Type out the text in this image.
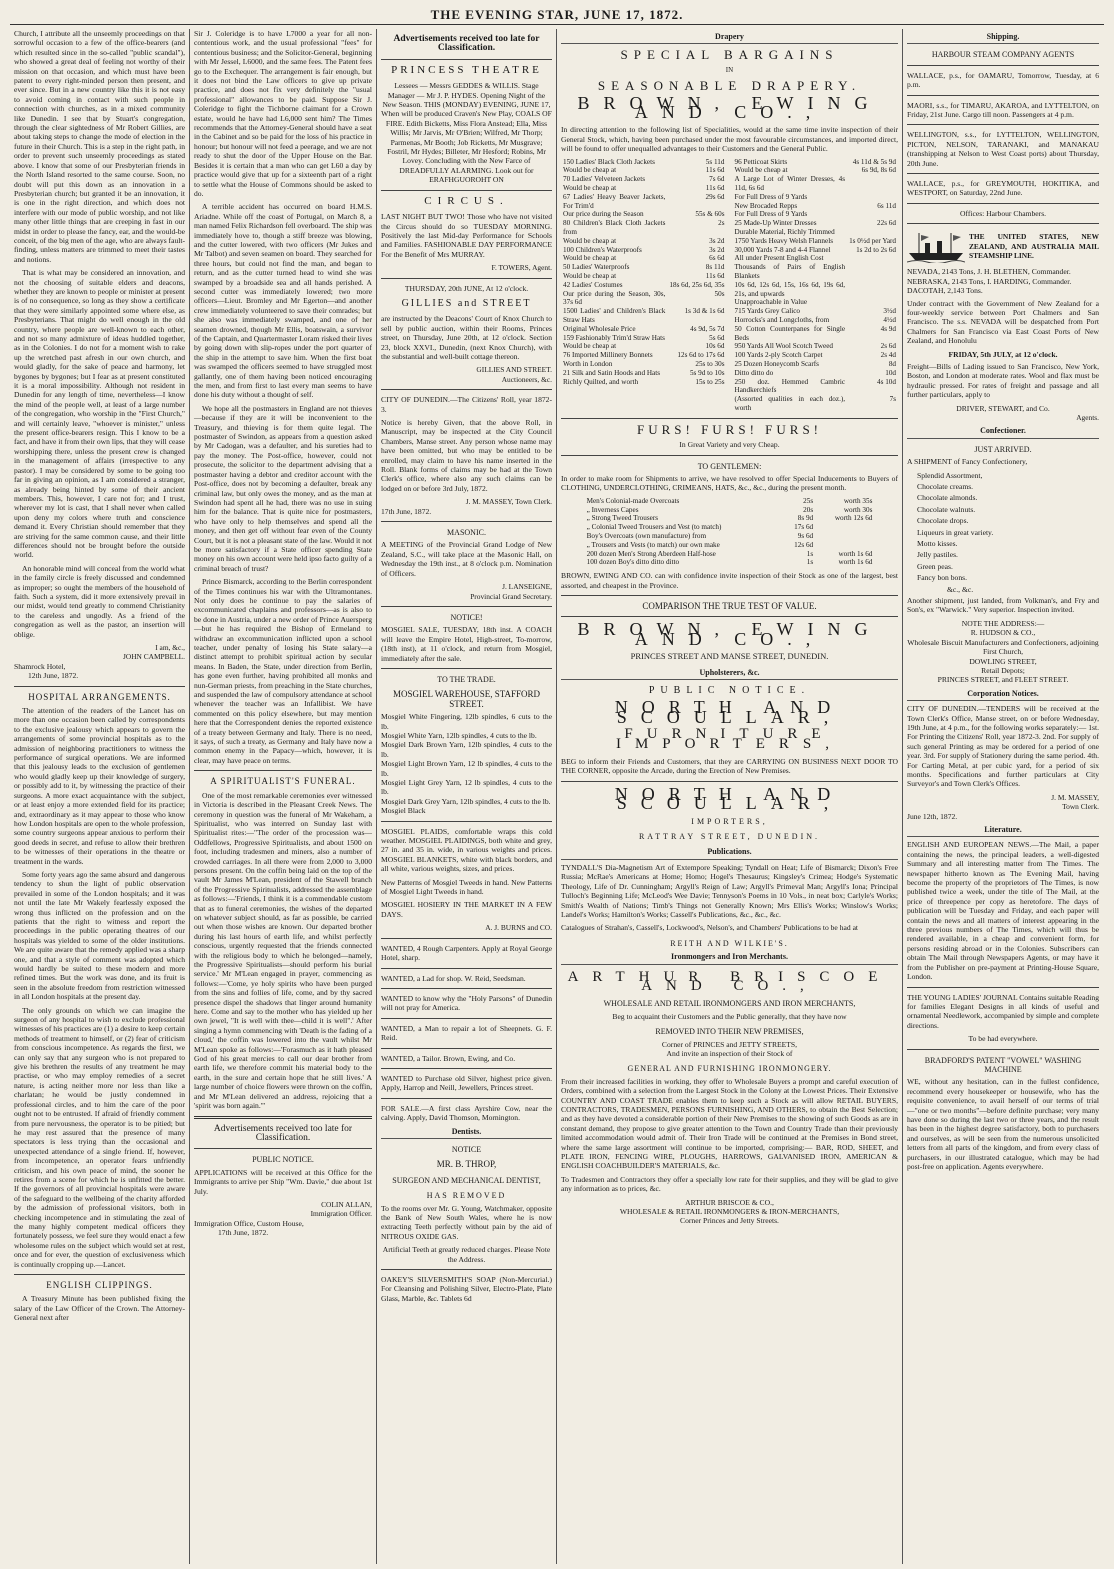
THE EVENING STAR, JUNE 17, 1872.

Church, I attribute all the unseemly proceedings on that sorrowful occasion to a few of the office-bearers (and which resulted since in the so-called "public scandal"), who showed a great deal of feeling not worthy of their mission on that occasion, and which must have been patent to every right-minded person then present, and ever since. But in a new country like this it is not easy to avoid coming in contact with such people in connection with churches, as in a mixed community like Dunedin. I see that by Stuart's congregation, through the clear sightedness of Mr Robert Gillies, are about taking steps to change the mode of election in the future in their Church. This is a step in the right path, in order to prevent such unseemly proceedings as stated above. I know that some of our Presbyterian friends in the North Island resorted to the same course. Soon, no doubt will put this down as an innovation in a Presbyterian church; but granted it be an innovation, it is one in the right direction, and which does not interfere with our mode of public worship, and not like many other little things that are creeping in fast in our midst in order to please the fancy, ear, and the would-be conceit, of the big men of the age, who are always fault-finding, unless matters are trimmed to meet their tastes and notions.

That is what may be considered an innovation, and not the choosing of suitable elders and deacons, whether they are known to people or minister at present is of no consequence, so long as they show a certificate that they were similarly appointed some where else, as Presbyterians. That might do well enough in the old country, where people are well-known to each other, and not so many admixture of ideas huddled together, as in the Colonies. I do not for a moment wish to rake up the wretched past afresh in our own church, and would gladly, for the sake of peace and harmony, let bygones by bygones; but I fear as at present constituted it is a moral impossibility. Although not resident in Dunedin for any length of time, nevertheless—I know the mind of the people well, at least of a large number of the congregation, who worship in the "First Church," and will certainly leave, "whoever is minister," unless the present office-bearers resign. This I know to be a fact, and have it from their own lips, that they will cease worshipping there, unless the present crew is changed in the management of affairs (irrespective to any pastor). I may be considered by some to be going too far in giving an opinion, as I am considered a stranger, as already being hinted by some of their ancient members. This, however, I care not for; and I trust, wherever my lot is cast, that I shall never when called upon deny my colors where truth and conscience demand it. Every Christian should remember that they are striving for the same common cause, and their little differences should not be brought before the outside world.

An honorable mind will conceal from the world what in the family circle is freely discussed and condemned as improper; so ought the members of the household of faith. Such a system, did it more extensively prevail in our midst, would tend greatly to commend Christianity to the careless and ungodly. As a friend of the congregation as well as the pastor, an insertion will oblige.

I am, &c.,
JOHN CAMPBELL.
Shamrock Hotel,
12th June, 1872.
HOSPITAL ARRANGEMENTS.

The attention of the readers of the Lancet has on more than one occasion been called by correspondents to the exclusive jealousy which appears to govern the arrangements of some provincial hospitals as to the admission of neighboring practitioners to witness the performance of surgical operations. We are informed that this jealousy leads to the exclusion of gentlemen who would gladly keep up their knowledge of surgery, or possibly add to it, by witnessing the practice of their surgeons. A more exact acquaintance with the subject, or at least enjoy a more extended field for its practice; and, extraordinary as it may appear to those who know how London hospitals are open to the whole profession, some country surgeons appear anxious to perform their good deeds in secret, and refuse to allow their brethren to be witnesses of their operations in the theatre or treatment in the wards.

Some forty years ago the same absurd and dangerous tendency to shun the light of public observation prevailed in some of the London hospitals; and it was not until the late Mr Wakely fearlessly exposed the wrong thus inflicted on the profession and on the patients that the right to witness and report the proceedings in the public operating theatres of our hospitals was yielded to some of the older institutions. We are quite aware that the remedy applied was a sharp one, and that a style of comment was adopted which would hardly be suited to these modern and more refined times. But the work was done, and its fruit is seen in the absolute freedom from restriction witnessed in all London hospitals at the present day.

The only grounds on which we can imagine the surgeon of any hospital to wish to exclude professional witnesses of his practices are (1) a desire to keep certain methods of treatment to himself, or (2) fear of criticism from conscious incompetence. As regards the first, we can only say that any surgeon who is not prepared to give his brethren the results of any treatment he may practise, or who may employ remedies of a secret nature, is acting neither more nor less than like a charlatan; he would be justly condemned in professional circles, and to him the care of the poor ought not to be entrusted. If afraid of friendly comment from pure nervousness, the operator is to be pitied; but he may rest assured that the presence of many spectators is less trying than the occasional and unexpected attendance of a single friend. If, however, from incompetence, an operator fears unfriendly criticism, and his own peace of mind, the sooner he retires from a scene for which he is unfitted the better. If the governors of all provincial hospitals were aware of the safeguard to the wellbeing of the charity afforded by the admission of professional visitors, both in checking incompetence and in stimulating the zeal of the many highly competent medical officers they fortunately possess, we feel sure they would enact a few wholesome rules on the subject which would set at rest, once and for ever, the question of exclusiveness which is continually cropping up.—Lancet.

ENGLISH CLIPPINGS.

A Treasury Minute has been published fixing the salary of the Law Officer of the Crown. The Attorney-General next after

Sir J. Coleridge is to have L7000 a year for all non-contentious work, and the usual professional "fees" for contentious business; and the Solicitor-General, beginning with Mr Jessel, L6000, and the same fees. The Patent fees go to the Exchequer. The arrangement is fair enough, but it does not bind the Law officers to give up private practice, and does not fix very definitely the "usual professional" allowances to be paid. Suppose Sir J. Coleridge to fight the Tichborne claimant for a Crown estate, would he have had L6,000 sent him? The Times recommends that the Attorney-General should have a seat in the Cabinet and so be paid for the loss of his practice in honour; but honour will not feed a peerage, and we are not ready to shut the door of the Upper House on the Bar. Besides it is certain that a man who can get L60 a day by practice would give that up for a sixteenth part of a right to settle what the House of Commons should be asked to do.

A terrible accident has occurred on board H.M.S. Ariadne. While off the coast of Portugal, on March 8, a man named Felix Richardson fell overboard. The ship was immediately hove to, though a stiff breeze was blowing, and the cutter lowered, with two officers (Mr Jukes and Mr Talbot) and seven seamen on board. They searched for three hours, but could not find the man, and began to return, and as the cutter turned head to wind she was swamped by a broadside sea and all hands perished. A second cutter was immediately lowered; two more officers—Lieut. Bromley and Mr Egerton—and another crew immediately volunteered to save their comrades; but she also was immediately swamped, and one of her seamen drowned, though Mr Ellis, boatswain, a survivor of the Captain, and Quartermaster Loram risked their lives by going down with slip-ropes under the port quarter of the ship in the attempt to save him. When the first boat was swamped the officers seemed to have struggled most gallantly, one of them having been noticed encouraging the men, and from first to last every man seems to have done his duty without a thought of self.

We hope all the postmasters in England are not thieves—because if they are it will be inconvenient to the Treasury, and thieving is for them quite legal. The postmaster of Swindon, as appears from a question asked by Mr Cadogan, was a defaulter, and his sureties had to pay the money. The Post-office, however, could not prosecute, the solicitor to the department advising that a postmaster having a debtor and creditor account with the Post-office, does not by becoming a defaulter, break any criminal law, but only owes the money, and as the man at Swindon had spent all he had, there was no use in suing him for the balance. That is quite nice for postmasters, who have only to help themselves and spend all the money, and then get off without fear even of the County Court, but it is not a pleasant state of the law. Would it not be more satisfactory if a State officer spending State money on his own account were held ipso facto guilty of a criminal breach of trust?

Prince Bismarck, according to the Berlin correspondent of the Times continues his war with the Ultramontanes. Not only does he continue to pay the salaries of excommunicated chaplains and professors—as is also to be done in Austria, under a new order of Prince Auersperg—but he has required the Bishop of Ermeland to withdraw an excommunication inflicted upon a school teacher, under penalty of losing his State salary—a distinct attempt to prohibit spiritual action by secular means. In Baden, the State, under direction from Berlin, has gone even further, having prohibited all monks and nun-German priests, from preaching in the State churches, and suspended the law of compulsory attendance at school whenever the teacher was an Infallibist. We have commented on this policy elsewhere, but may mention here that the Correspondent denies the reported existence of a treaty between Germany and Italy. There is no need, it says, of such a treaty, as Germany and Italy have now a common enemy in the Papacy—which, however, it is clear, may have peace on terms.

A SPIRITUALIST'S FUNERAL.

One of the most remarkable ceremonies ever witnessed in Victoria is described in the Pleasant Creek News. The ceremony in question was the funeral of Mr Wakeham, a Spiritualist, who was interred on Sunday last with Spiritualist rites:—"The order of the procession was—Oddfellows, Progressive Spiritualists, and about 1500 on foot, including tradesmen and miners, also a number of crowded carriages. In all there were from 2,000 to 3,000 persons present. On the coffin being laid on the top of the vault Mr James M'Lean, president of the Stawell branch of the Progressive Spiritualists, addressed the assemblage as follows:—'Friends, I think it is a commendable custom that as to funeral ceremonies, the wishes of the departed on whatever subject should, as far as possible, be carried out when those wishes are known. Our departed brother during his last hours of earth life, and whilst perfectly conscious, urgently requested that the friends connected with the religious body to which he belonged—namely, the Progressive Spiritualists—should perform his burial service.' Mr M'Lean engaged in prayer, commencing as follows:—'Come, ye holy spirits who have been purged from the sins and follies of life, come, and by thy sacred presence dispel the shadows that linger around humanity here. Come and say to the mother who has yielded up her own jewel, "It is well with thee—child it is well".' After singing a hymn commencing with 'Death is the fading of a cloud,' the coffin was lowered into the vault whilst Mr M'Lean spoke as follows:—'Forasmuch as it hath pleased God of his great mercies to call our dear brother from earth life, we therefore commit his material body to the earth, in the sure and certain hope that he still lives.' A large number of choice flowers were thrown on the coffin, and Mr M'Lean delivered an address, rejoicing that a 'spirit was born again.'"

Advertisements received too late for Classification.
PUBLIC NOTICE.

APPLICATIONS will be received at this Office for the Immigrants to arrive per Ship "Wm. Davie," due about 1st July.

COLIN ALLAN,
Immigration Officer.
Immigration Office, Custom House,
17th June, 1872.
Advertisements received too late for Classification.
PRINCESS THEATRE

Lessees — Messrs GEDDES & WILLIS. Stage Manager — Mr J. P. HYDES. Opening Night of the New Season. THIS (MONDAY) EVENING, JUNE 17, When will be produced Craven's New Play, COALS OF FIRE. Edith Bicketts, Miss Flora Anstead; Ella, Miss Willis; Mr Jarvis, Mr O'Brien; Wilfred, Mr Thorp; Parmenas, Mr Booth; Job Ricketts, Mr Musgrave; Fostril, Mr Hydes; Billeter, Mr Hesford; Robins, Mr Lovey. Concluding with the New Farce of DREADFULLY ALARMING. Look out for ERAFHGUOROHT ON

CIRCUS.

LAST NIGHT BUT TWO! Those who have not visited the Circus should do so TUESDAY MORNING. Positively the last Mid-day Performance for Schools and Families. FASHIONABLE DAY PERFORMANCE For the Benefit of Mrs MURRAY.

F. TOWERS, Agent.

THURSDAY, 20th JUNE, At 12 o'clock.

GILLIES and STREET

are instructed by the Deacons' Court of Knox Church to sell by public auction, within their Rooms, Princes street, on Thursday, June 20th, at 12 o'clock. Section 23, block XXVI., Dunedin, (next Knox Church), with the substantial and well-built cottage thereon.

GILLIES AND STREET.
Auctioneers, &c.

CITY OF DUNEDIN.—The Citizens' Roll, year 1872-3.

Notice is hereby Given, that the above Roll, in Manuscript, may be inspected at the City Council Chambers, Manse street. Any person whose name may have been omitted, but who may be entitled to be enrolled, may claim to have his name inserted in the Roll. Blank forms of claims may be had at the Town Clerk's office, where also any such claims can be lodged on or before 3rd July, 1872.

J. M. MASSEY, Town Clerk.
17th June, 1872.
MASONIC.

A MEETING of the Provincial Grand Lodge of New Zealand, S.C., will take place at the Masonic Hall, on Wednesday the 19th inst., at 8 o'clock p.m. Nomination of Officers.

J. LANSEIGNE,
Provincial Grand Secretary.
NOTICE!

MOSGIEL SALE, TUESDAY, 18th inst. A COACH will leave the Empire Hotel, High-street, To-morrow, (18th inst), at 11 o'clock, and return from Mosgiel, immediately after the sale.

TO THE TRADE.
MOSGIEL WAREHOUSE, STAFFORD STREET.
Mosgiel White Fingering, 12lb spindles, 6 cuts to the lb.
Mosgiel White Yarn, 12lb spindles, 4 cuts to the lb.
Mosgiel Dark Brown Yarn, 12lb spindles, 4 cuts to the lb.
Mosgiel Light Brown Yarn, 12 lb spindles, 4 cuts to the lb.
Mosgiel Light Grey Yarn, 12 lb spindles, 4 cuts to the lb.
Mosgiel Dark Grey Yarn, 12lb spindles, 4 cuts to the lb.
Mosgiel Black

MOSGIEL PLAIDS, comfortable wraps this cold weather. MOSGIEL PLAIDINGS, both white and grey, 27 in. and 35 in. wide, in various weights and prices. MOSGIEL BLANKETS, white with black borders, and all white, various weights, sizes, and prices.

New Patterns of Mosgiel Tweeds in hand. New Patterns of Mosgiel Light Tweeds in hand.

MOSGIEL HOSIERY IN THE MARKET IN A FEW DAYS.

A. J. BURNS and CO.

WANTED, 4 Rough Carpenters. Apply at Royal George Hotel, sharp.

WANTED, a Lad for shop. W. Reid, Seedsman.

WANTED to know why the "Holy Parsons" of Dunedin will not pray for America.

WANTED, a Man to repair a lot of Sheepnets. G. F. Reid.

WANTED, a Tailor. Brown, Ewing, and Co.

WANTED to Purchase old Silver, highest price given. Apply, Harrop and Neill, Jewellers, Princes street.

FOR SALE.—A first class Ayrshire Cow, near the calving. Apply, David Thomson, Mornington.

Dentists.
NOTICE
MR. B. THROP,
SURGEON AND MECHANICAL DENTIST,
HAS REMOVED

To the rooms over Mr. G. Young, Watchmaker, opposite the Bank of New South Wales, where he is now extracting Teeth perfectly without pain by the aid of NITROUS OXIDE GAS.

Artificial Teeth at greatly reduced charges. Please Note the Address.

OAKEY'S SILVERSMITH'S SOAP (Non-Mercurial.) For Cleansing and Polishing Silver, Electro-Plate, Plate Glass, Marble, &c. Tablets 6d

Drapery
SPECIAL BARGAINS
IN
SEASONABLE DRAPERY.
BROWN, EWING AND CO.,

In directing attention to the following list of Specialities, would at the same time invite inspection of their General Stock, which, having been purchased under the most favourable circumstances, and imported direct, will be found to offer unequalled advantages to their Customers and the General Public.

150 Ladies' Black Cloth Jackets	5s 11d
Would be cheap at	11s 6d
70 Ladies' Velveteen Jackets	7s 6d
Would be cheap at	11s 6d
67 Ladies' Heavy Beaver Jackets, For Trim'd	29s 6d
Our price during the Season	55s & 60s
80 Children's Black Cloth Jackets from	2s
Would be cheap at	3s 2d
100 Children's Waterproofs	3s 2d
Would be cheap at	6s 6d
50 Ladies' Waterproofs	8s 11d
Would be cheap at	11s 6d
42 Ladies' Costumes	18s 6d, 25s 6d, 35s
Our price during the Season, 30s, 37s 6d	50s
1500 Ladies' and Children's Black Straw Hats	1s 3d & 1s 6d
Original Wholesale Price	4s 9d, 5s 7d
159 Fashionably Trim'd Straw Hats	5s 6d
Would be cheap at	10s 6d
76 Imported Millinery Bonnets	12s 6d to 17s 6d
Worth in London	25s to 30s
21 Silk and Satin Hoods and Hats	5s 9d to 10s
Richly Quilted, and worth	15s to 25s
96 Petticoat Skirts	4s 11d & 5s 9d
Would be cheap at	6s 9d, 8s 6d
A Large Lot of Winter Dresses, 4s 11d, 6s 6d	
For Full Dress of 9 Yards	
New Brocaded Repps	6s 11d
For Full Dress of 9 Yards	
25 Made-Up Winter Dresses	22s 6d
Durable Material, Richly Trimmed	
1750 Yards Heavy Welsh Flannels	1s 0½d per Yard
30,000 Yards 7-8 and 4-4 Flannel	1s 2d to 2s 6d
All under Present English Cost	
Thousands of Pairs of English Blankets	
10s 6d, 12s 6d, 15s, 16s 6d, 19s 6d, 21s, and upwards	
Unapproachable in Value	
715 Yards Grey Calico	3½d
Horrocks's and Longcloths, from	4½d
50 Cotton Counterpanes for Single Beds	4s 9d
950 Yards All Wool Scotch Tweed	2s 6d
100 Yards 2-ply Scotch Carpet	2s 4d
25 Dozen Honeycomb Scarfs	8d
Ditto ditto do	10d
250 doz. Hemmed Cambric Handkerchiefs	4s 10d
(Assorted qualities in each doz.), worth	7s
FURS! FURS! FURS!
In Great Variety and very Cheap.
TO GENTLEMEN:

In order to make room for Shipments to arrive, we have resolved to offer Special Inducements to Buyers of CLOTHING, UNDERCLOTHING, CRIMEANS, HATS, &c., &c., during the present month.

Men's Colonial-made Overcoats	25s	worth 35s
„ Inverness Capes	20s	worth 30s
„ Strong Tweed Trousers	8s 9d	worth 12s 6d
„ Colonial Tweed Trousers and Vest (to match)	17s 6d	
Boy's Overcoats (own manufacture) from	9s 6d	
„ Trousers and Vests (to match) our own make	12s 6d	
200 dozen Men's Strong Aberdeen Half-hose	1s	worth 1s 6d
100 dozen Boy's ditto ditto ditto	1s	worth 1s 6d

BROWN, EWING AND CO. can with confidence invite inspection of their Stock as one of the largest, best assorted, and cheapest in the Province.

COMPARISON THE TRUE TEST OF VALUE.
BROWN, EWING AND CO.,
PRINCES STREET AND MANSE STREET, DUNEDIN.
Upholsterers, &c.
PUBLIC NOTICE.
NORTH AND SCOULLAR,
FURNITURE IMPORTERS,

BEG to inform their Friends and Customers, that they are CARRYING ON BUSINESS NEXT DOOR TO THE CORNER, opposite the Arcade, during the Erection of New Premises.

NORTH AND SCOULLAR,
IMPORTERS,
RATTRAY STREET, DUNEDIN.
Publications.

TYNDALL'S Dia-Magnetism Art of Extempore Speaking; Tyndall on Heat; Life of Bismarck; Dixon's Free Russia; McRae's Americans at Home; Homo; Hogel's Thesaurus; Kingsley's Crimea; Hodge's Systematic Theology, Life of Dr. Cunningham; Argyll's Reign of Law; Argyll's Primeval Man; Argyll's Iona; Principal Tulloch's Beginning Life; McLeod's Wee Davie; Tennyson's Poems in 10 Vols., in neat box; Carlyle's Works; Smith's Wealth of Nations; Timb's Things not Generally Known; Mrs Ellis's Works; Winslow's Works; Landel's Works; Hamilton's Works; Cassell's Publications, &c., &c., &c.

Catalogues of Strahan's, Cassell's, Lockwood's, Nelson's, and Chambers' Publications to be had at

REITH AND WILKIE'S.
Ironmongers and Iron Merchants.
ARTHUR BRISCOE AND CO.,
WHOLESALE AND RETAIL IRONMONGERS AND IRON MERCHANTS,
Beg to acquaint their Customers and the Public generally, that they have now
REMOVED INTO THEIR NEW PREMISES,
Corner of PRINCES and JETTY STREETS,
And invite an inspection of their Stock of
GENERAL AND FURNISHING IRONMONGERY.

From their increased facilities in working, they offer to Wholesale Buyers a prompt and careful execution of Orders, combined with a selection from the Largest Stock in the Colony at the Lowest Prices. Their Extensive COUNTRY AND COAST TRADE enables them to keep such a Stock as will allow RETAIL BUYERS, CONTRACTORS, TRADESMEN, PERSONS FURNISHING, AND OTHERS, to obtain the Best Selection; and as they have devoted a considerable portion of their New Premises to the showing of such Goods as are in constant demand, they propose to give greater attention to the Town and Country Trade than their previously limited accommodation would admit of. Their Iron Trade will be continued at the Premises in Bond street, where the same large assortment will continue to be imported, comprising:— BAR, ROD, SHEET, and PLATE IRON, FENCING WIRE, PLOUGHS, HARROWS, GALVANISED IRON, AMERICAN & ENGLISH COACHBUILDER'S MATERIALS, &c.

To Tradesmen and Contractors they offer a specially low rate for their supplies, and they will be glad to give any information as to prices, &c.

ARTHUR BRISCOE & CO.,
WHOLESALE & RETAIL IRONMONGERS & IRON-MERCHANTS,
Corner Princes and Jetty Streets.
Shipping.
HARBOUR STEAM COMPANY AGENTS

WALLACE, p.s., for OAMARU, Tomorrow, Tuesday, at 6 p.m.

MAORI, s.s., for TIMARU, AKAROA, and LYTTELTON, on Friday, 21st June. Cargo till noon. Passengers at 4 p.m.

WELLINGTON, s.s., for LYTTELTON, WELLINGTON, PICTON, NELSON, TARANAKI, and MANAKAU (transhipping at Nelson to West Coast ports) about Thursday, 20th June.

WALLACE, p.s., for GREYMOUTH, HOKITIKA, and WESTPORT, on Saturday, 22nd June.

Offices: Harbour Chambers.
THE UNITED STATES, NEW ZEALAND, AND AUSTRALIA MAIL STEAMSHIP LINE.
NEVADA, 2143 Tons, J. H. BLETHEN, Commander.
NEBRASKA, 2143 Tons, I. HARDING, Commander.
DACOTAH, 2,143 Tons.

Under contract with the Government of New Zealand for a four-weekly service between Port Chalmers and San Francisco. The s.s. NEVADA will be despatched from Port Chalmers for San Francisco via East Coast Ports of New Zealand, and Honolulu

FRIDAY, 5th JULY, at 12 o'clock.

Freight—Bills of Lading issued to San Francisco, New York, Boston, and London at moderate rates. Wool and flax must be hydraulic pressed. For rates of freight and passage and all further particulars, apply to

DRIVER, STEWART, and Co.
Agents.
Confectioner.
JUST ARRIVED.

A SHIPMENT of Fancy Confectionery,

Splendid Assortment,
Chocolate creams.
Chocolate almonds.
Chocolate walnuts.
Chocolate drops.
Liqueurs in great variety.
Motto kisses.
Jelly pastiles.
Green peas.
Fancy bon bons.
&c., &c.

Another shipment, just landed, from Volkman's, and Fry and Son's, ex "Warwick." Very superior. Inspection invited.

NOTE THE ADDRESS:—
R. HUDSON & CO.,
Wholesale Biscuit Manufacturers and Confectioners, adjoining First Church,
DOWLING STREET,
Retail Depots;
PRINCES STREET, and FLEET STREET.
Corporation Notices.

CITY OF DUNEDIN.—TENDERS will be received at the Town Clerk's Office, Manse street, on or before Wednesday, 19th June, at 4 p.m., for the following works separately:— 1st. For Printing the Citizens' Roll, year 1872-3. 2nd. For supply of such general Printing as may be ordered for a period of one year. 3rd. For supply of Stationery during the same period. 4th. For Carting Metal, at per cubic yard, for a period of six months. Specifications and further particulars at City Surveyor's and Town Clerk's Offices.

J. M. MASSEY,
Town Clerk.
June 12th, 1872.
Literature.

ENGLISH AND EUROPEAN NEWS.—The Mail, a paper containing the news, the principal leaders, a well-digested Summary and all interesting matter from The Times. The newspaper hitherto known as The Evening Mail, having become the property of the proprietors of The Times, is now published twice a week, under the title of The Mail, at the price of threepence per copy as heretofore. The days of publication will be Tuesday and Friday, and each paper will contain the news and all matters of interest appearing in the three previous numbers of The Times, which will thus be rendered available, in a cheap and convenient form, for persons residing abroad or in the Colonies. Subscribers can obtain The Mail through Newspapers Agents, or may have it from the Publisher on pre-payment at Printing-House Square, London.

THE YOUNG LADIES' JOURNAL Contains suitable Reading for families Elegant Designs in all kinds of useful and ornamental Needlework, accompanied by simple and complete directions.

To be had everywhere.
BRADFORD'S PATENT "VOWEL" WASHING MACHINE

WE, without any hesitation, can in the fullest confidence, recommend every housekeeper or housewife, who has the requisite convenience, to avail herself of our terms of trial—"one or two months"—before definite purchase; very many have done so during the last two or three years, and the result has been in the highest degree satisfactory, both to purchasers and ourselves, as will be seen from the numerous unsolicited letters from all parts of the kingdom, and from every class of purchasers, in our illustrated catalogue, which may be had post-free on application. Agents everywhere.
